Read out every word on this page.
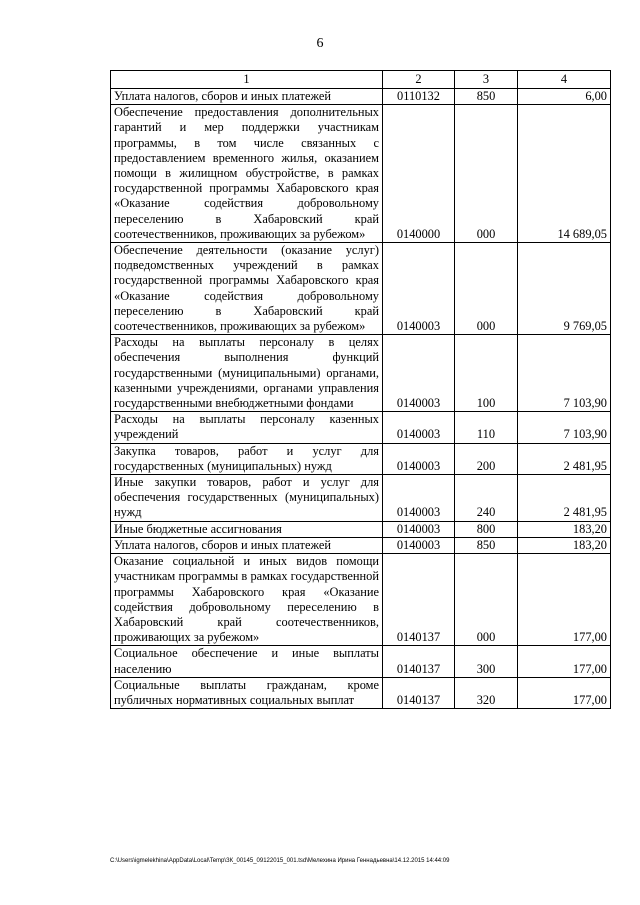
6
1	2	3	4
Уплата налогов, сборов и иных платежей	0110132	850	6,00
Обеспечение предоставления дополнительных гарантий и мер поддержки участникам программы, в том числе связанных с предоставлением временного жилья, оказанием помощи в жилищном обустройстве, в рамках государственной программы Хабаровского края «Оказание содействия добровольному переселению в Хабаровский край соотечественников, проживающих за рубежом»	0140000	000	14 689,05
Обеспечение деятельности (оказание услуг) подведомственных учреждений в рамках государственной программы Хабаровского края «Оказание содействия добровольному переселению в Хабаровский край соотечественников, проживающих за рубежом»	0140003	000	9 769,05
Расходы на выплаты персоналу в целях обеспечения выполнения функций государственными (муниципальными) органами, казенными учреждениями, органами управления государственными внебюджетными фондами	0140003	100	7 103,90
Расходы на выплаты персоналу казенных учреждений	0140003	110	7 103,90
Закупка товаров, работ и услуг для государственных (муниципальных) нужд	0140003	200	2 481,95
Иные закупки товаров, работ и услуг для обеспечения государственных (муниципальных) нужд	0140003	240	2 481,95
Иные бюджетные ассигнования	0140003	800	183,20
Уплата налогов, сборов и иных платежей	0140003	850	183,20
Оказание социальной и иных видов помощи участникам программы в рамках государственной программы Хабаровского края «Оказание содействия добровольному переселению в Хабаровский край соотечественников, проживающих за рубежом»	0140137	000	177,00
Социальное обеспечение и иные выплаты населению	0140137	300	177,00
Социальные выплаты гражданам, кроме публичных нормативных социальных выплат	0140137	320	177,00
C:\Users\igmelekhina\AppData\Local\Temp\ЗК_00145_09122015_001.tsd\Мелехина Ирина Геннадьевна\14.12.2015 14:44:09
